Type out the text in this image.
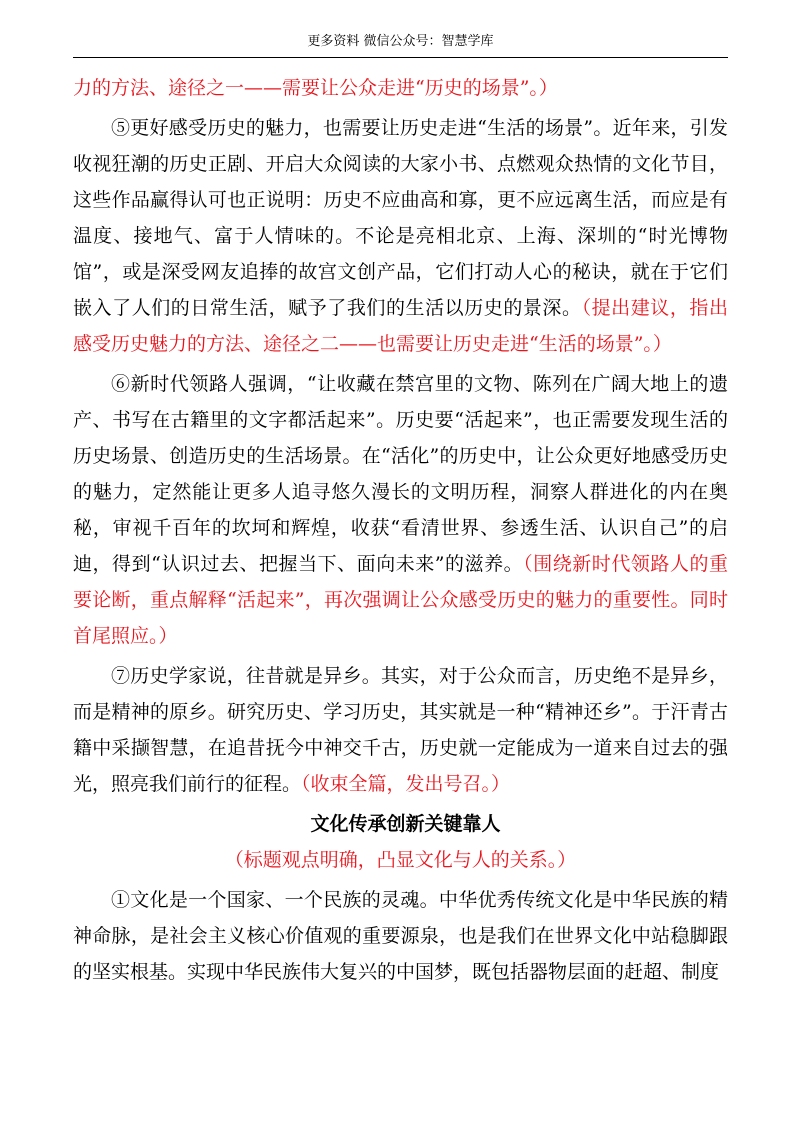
更多资料 微信公众号：智慧学库

力的方法、途径之一——需要让公众走进“历史的场景”。）

⑤更好感受历史的魅力，也需要让历史走进“生活的场景”。近年来，引发收视狂潮的历史正剧、开启大众阅读的大家小书、点燃观众热情的文化节目，这些作品赢得认可也正说明：历史不应曲高和寡，更不应远离生活，而应是有温度、接地气、富于人情味的。不论是亮相北京、上海、深圳的“时光博物馆”，或是深受网友追捧的故宫文创产品，它们打动人心的秘诀，就在于它们嵌入了人们的日常生活，赋予了我们的生活以历史的景深。（提出建议，指出感受历史魅力的方法、途径之二——也需要让历史走进“生活的场景”。）

⑥新时代领路人强调，“让收藏在禁宫里的文物、陈列在广阔大地上的遗产、书写在古籍里的文字都活起来”。历史要“活起来”，也正需要发现生活的历史场景、创造历史的生活场景。在“活化”的历史中，让公众更好地感受历史的魅力，定然能让更多人追寻悠久漫长的文明历程，洞察人群进化的内在奥秘，审视千百年的坎坷和辉煌，收获“看清世界、参透生活、认识自己”的启迪，得到“认识过去、把握当下、面向未来”的滋养。（围绕新时代领路人的重要论断，重点解释“活起来”，再次强调让公众感受历史的魅力的重要性。同时首尾照应。）

⑦历史学家说，往昔就是异乡。其实，对于公众而言，历史绝不是异乡，而是精神的原乡。研究历史、学习历史，其实就是一种“精神还乡”。于汗青古籍中采撷智慧，在追昔抚今中神交千古，历史就一定能成为一道来自过去的强光，照亮我们前行的征程。（收束全篇，发出号召。）

文化传承创新关键靠人
（标题观点明确，凸显文化与人的关系。）

①文化是一个国家、一个民族的灵魂。中华优秀传统文化是中华民族的精神命脉，是社会主义核心价值观的重要源泉，也是我们在世界文化中站稳脚跟的坚实根基。实现中华民族伟大复兴的中国梦，既包括器物层面的赶超、制度
